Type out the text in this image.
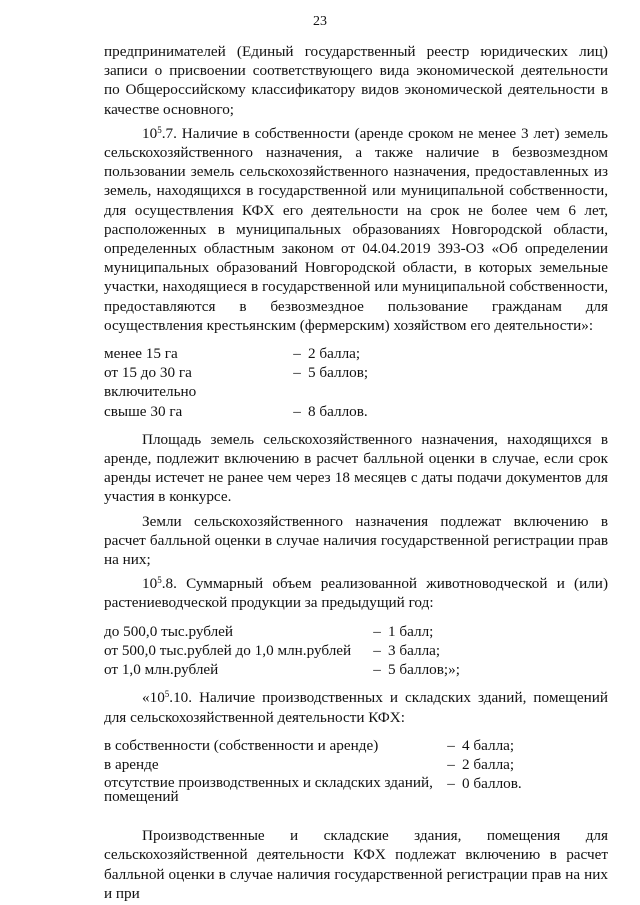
23

предпринимателей (Единый государственный реестр юридических лиц) записи о присвоении соответствующего вида экономической деятельности по Общероссийскому классификатору видов экономической деятельности в качестве основного;

$10^5.7$. Наличие в собственности (аренде сроком не менее 3 лет) земель сельскохозяйственного назначения, а также наличие в безвозмездном пользовании земель сельскохозяйственного назначения, предоставленных из земель, находящихся в государственной или муниципальной собственности, для осуществления КФХ его деятельности на срок не более чем 6 лет, расположенных в муниципальных образованиях Новгородской области, определенных областным законом от 04.04.2019 393-ОЗ «Об определении муниципальных образований Новгородской области, в которых земельные участки, находящиеся в государственной или муниципальной собственности, предоставляются в безвозмездное пользование гражданам для осуществления крестьянским (фермерским) хозяйством его деятельности»:

менее 15 га	–	2 балла;
от 15 до 30 га включительно	–	5 баллов;
свыше 30 га	–	8 баллов.

Площадь земель сельскохозяйственного назначения, находящихся в аренде, подлежит включению в расчет балльной оценки в случае, если срок аренды истечет не ранее чем через 18 месяцев с даты подачи документов для участия в конкурсе.

Земли сельскохозяйственного назначения подлежат включению в расчет балльной оценки в случае наличия государственной регистрации прав на них;

$10^5.8$. Суммарный объем реализованной животноводческой и (или) растениеводческой продукции за предыдущий год:

до 500,0 тыс.рублей	–	1 балл;
от 500,0 тыс.рублей до 1,0 млн.рублей	–	3 балла;
от 1,0 млн.рублей	–	5 баллов;»;

«$10^5.10$. Наличие производственных и складских зданий, помещений для сельскохозяйственной деятельности КФХ:

в собственности (собственности и аренде)	–	4 балла;
в аренде	–	2 балла;
отсутствие производственных и складских зданий, помещений	–	0 баллов.

Производственные и складские здания, помещения для сельскохозяйственной деятельности КФХ подлежат включению в расчет балльной оценки в случае наличия государственной регистрации прав на них и при
